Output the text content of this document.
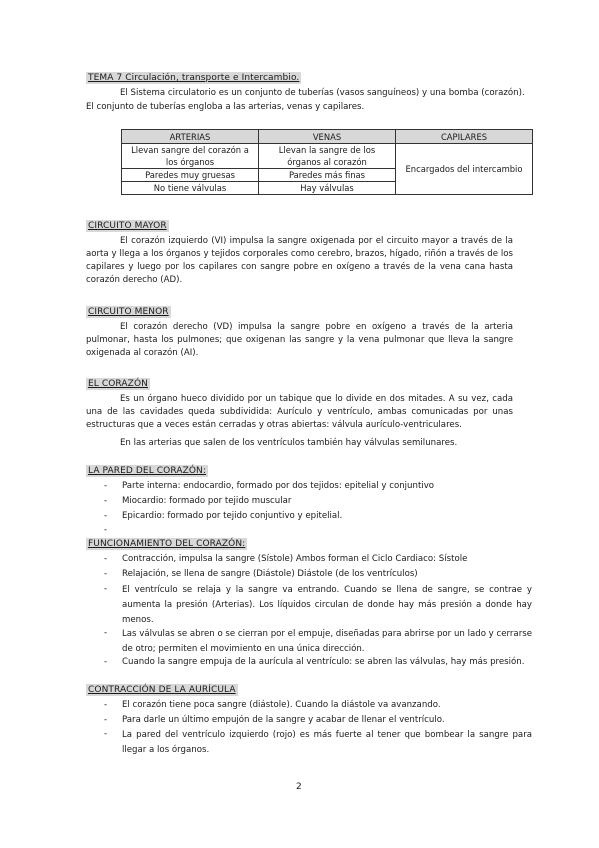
TEMA 7 Circulación, transporte e Intercambio.
El Sistema circulatorio es un conjunto de tuberías (vasos sanguíneos) y una bomba (corazón).
El conjunto de tuberías engloba a las arterias, venas y capilares.
ARTERIAS	VENAS	CAPILARES
Llevan sangre del corazón a los órganos	Llevan la sangre de los órganos al corazón	Encargados del intercambio
Paredes muy gruesas	Paredes más finas	
No tiene válvulas	Hay válvulas	
CIRCUITO MAYOR
El corazón izquierdo (VI) impulsa la sangre oxigenada por el circuito mayor a través de la aorta y llega a los órganos y tejidos corporales como cerebro, brazos, hígado, riñón a través de los capilares y luego por los capilares con sangre pobre en oxígeno a través de la vena cana hasta corazón derecho (AD).
CIRCUITO MENOR
El corazón derecho (VD) impulsa la sangre pobre en oxígeno a través de la arteria pulmonar, hasta los pulmones; que oxigenan las sangre y la vena pulmonar que lleva la sangre oxigenada al corazón (AI).
EL CORAZÓN
Es un órgano hueco dividido por un tabique que lo divide en dos mitades. A su vez, cada una de las cavidades queda subdividida: Aurículo y ventrículo, ambas comunicadas por unas estructuras que a veces están cerradas y otras abiertas: válvula aurículo-ventriculares.
En las arterias que salen de los ventrículos también hay válvulas semilunares.
LA PARED DEL CORAZÓN:
- Parte interna: endocardio, formado por dos tejidos: epitelial y conjuntivo
- Miocardio: formado por tejido muscular
- Epicardio: formado por tejido conjuntivo y epitelial.
-
FUNCIONAMIENTO DEL CORAZÓN:
- Contracción, impulsa la sangre (Sístole) Ambos forman el Ciclo Cardiaco: Sístole
- Relajación, se llena de sangre (Diástole) Diástole (de los ventrículos)
- El ventrículo se relaja y la sangre va entrando. Cuando se llena de sangre, se contrae y aumenta la presión (Arterias). Los líquidos circulan de donde hay más presión a donde hay menos.
- Las válvulas se abren o se cierran por el empuje, diseñadas para abrirse por un lado y cerrarse de otro; permiten el movimiento en una única dirección.
- Cuando la sangre empuja de la aurícula al ventrículo: se abren las válvulas, hay más presión.
CONTRACCIÓN DE LA AURÍCULA
- El corazón tiene poca sangre (diástole). Cuando la diástole va avanzando.
- Para darle un último empujón de la sangre y acabar de llenar el ventrículo.
- La pared del ventrículo izquierdo (rojo) es más fuerte al tener que bombear la sangre para llegar a los órganos.
2
